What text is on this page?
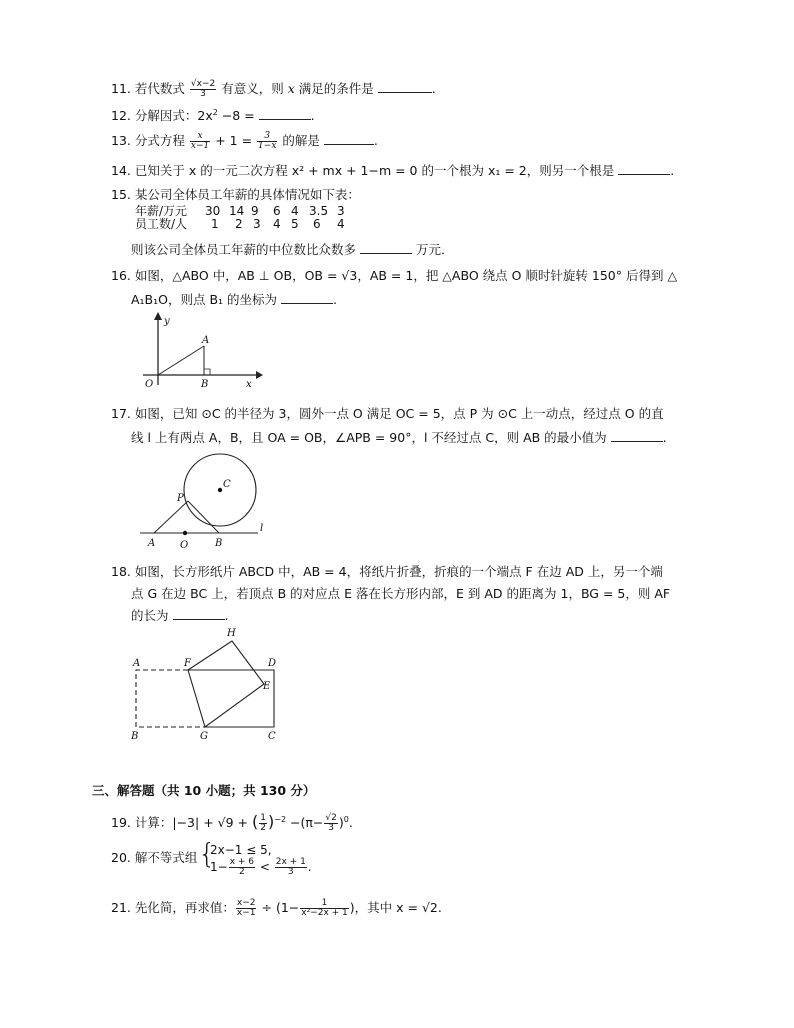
11. 若代数式 $\frac{√x-2}{3}$ 有意义，则 x 满足的条件是	.
12. 分解因式：$2x^2 -8$ =	.
13. 分式方程 $\frac{x}{x-1} + 1 = \frac{3}{1-x}$ 的解是	.
14. 已知关于 x 的一元二次方程 x² + mx + 1−m = 0 的一个根为 x₁ = 2，则另一个根是	.
15. 某公司全体员工年薪的具体情况如下表：
年薪/万元 30 14 9 6 4 3.5 3
员工数/人 1 2 3 4 5 6 4
则该公司全体员工年薪的中位数比众数多	万元．
16. 如图，△ABO 中，AB ⊥ OB，OB = √3，AB = 1，把 △ABO 绕点 O 顺时针旋转 150° 后得到 △
A₁B₁O，则点 B₁ 的坐标为	.
y
x
A
B
O
17. 如图，已知 ⊙C 的半径为 3，圆外一点 O 满足 OC = 5，点 P 为 ⊙C 上一动点，经过点 O 的直
线 l 上有两点 A，B，且 OA = OB，∠APB = 90°，l 不经过点 C，则 AB 的最小值为	.
C
P
A O	B
l
18. 如图，长方形纸片 ABCD 中，AB = 4，将纸片折叠，折痕的一个端点 F 在边 AD 上，另一个端
点 G 在边 BC 上，若顶点 B 的对应点 E 落在长方形内部，E 到 AD 的距离为 1，BG = 5，则 AF
的长为	.
A	F
H
D
E
B	G	C
三、解答题（共 10 小题；共 130 分）
19. 计算：|−3| + √9 + ( $\frac{1}{2} )^{-2} -(\pi- \frac{√2}{3} )^0$.
20. 解不等式组 {
2x−1 ≤ 5,
$1- \frac{x + 6}{2} < \frac{2x + 1}{3}$ .
21. 先化简，再求值： $\frac{x-2}{x-1} \div (1- \frac{1}{\text{x²−2x + 1}}$ )，其中 x = √2.
